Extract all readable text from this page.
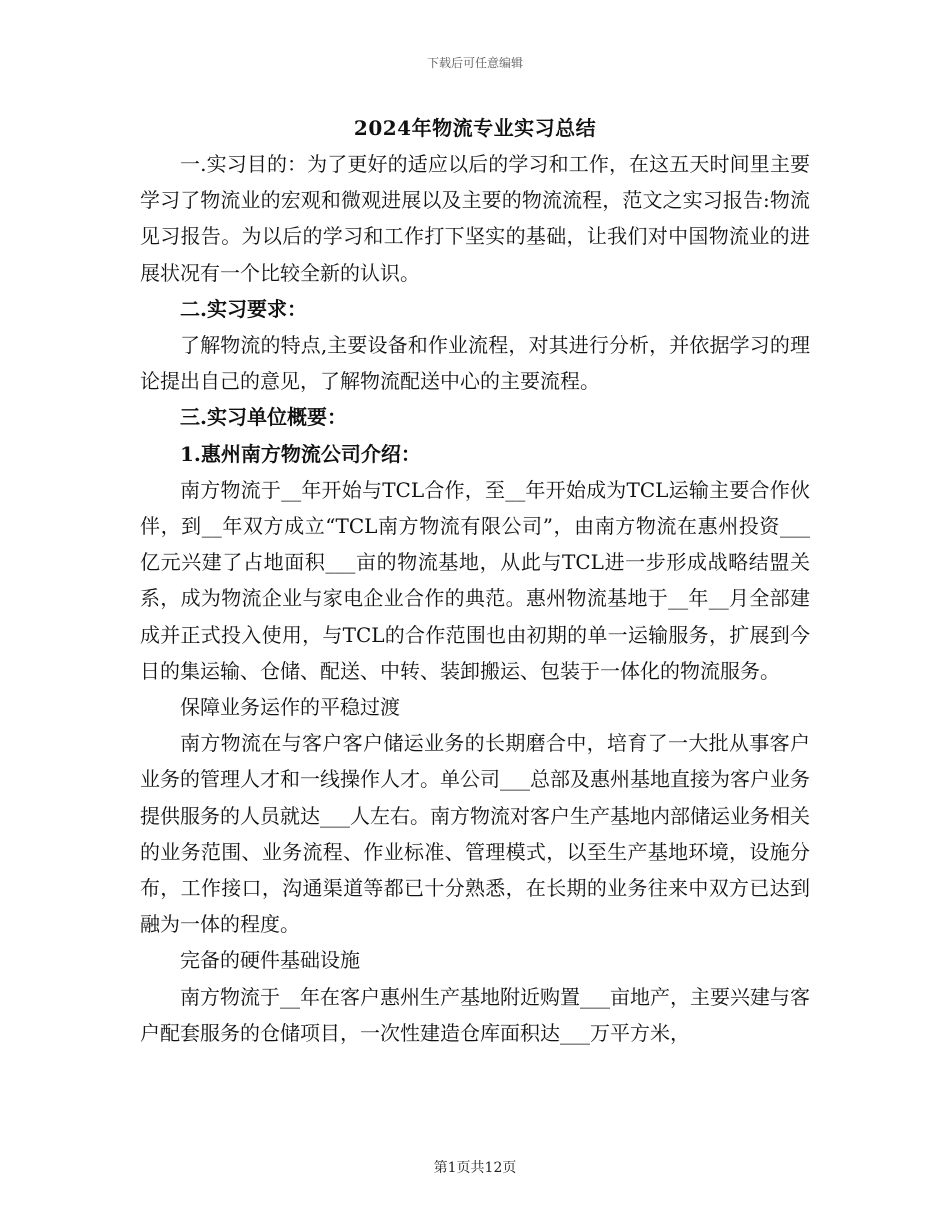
下载后可任意编辑
2024年物流专业实习总结

一.实习目的：为了更好的适应以后的学习和工作，在这五天时间里主要学习了物流业的宏观和微观进展以及主要的物流流程，范文之实习报告:物流见习报告。为以后的学习和工作打下坚实的基础，让我们对中国物流业的进展状况有一个比较全新的认识。

二.实习要求：

了解物流的特点,主要设备和作业流程，对其进行分析，并依据学习的理论提出自己的意见，了解物流配送中心的主要流程。

三.实习单位概要：

1.惠州南方物流公司介绍：

南方物流于__年开始与TCL合作，至__年开始成为TCL运输主要合作伙伴，到__年双方成立“TCL南方物流有限公司”，由南方物流在惠州投资___亿元兴建了占地面积___亩的物流基地，从此与TCL进一步形成战略结盟关系，成为物流企业与家电企业合作的典范。惠州物流基地于__年__月全部建成并正式投入使用，与TCL的合作范围也由初期的单一运输服务，扩展到今日的集运输、仓储、配送、中转、装卸搬运、包装于一体化的物流服务。

保障业务运作的平稳过渡

南方物流在与客户客户储运业务的长期磨合中，培育了一大批从事客户业务的管理人才和一线操作人才。单公司___总部及惠州基地直接为客户业务提供服务的人员就达___人左右。南方物流对客户生产基地内部储运业务相关的业务范围、业务流程、作业标准、管理模式，以至生产基地环境，设施分布，工作接口，沟通渠道等都已十分熟悉，在长期的业务往来中双方已达到融为一体的程度。

完备的硬件基础设施

南方物流于__年在客户惠州生产基地附近购置___亩地产，主要兴建与客户配套服务的仓储项目，一次性建造仓库面积达___万平方米，

第1页共12页
